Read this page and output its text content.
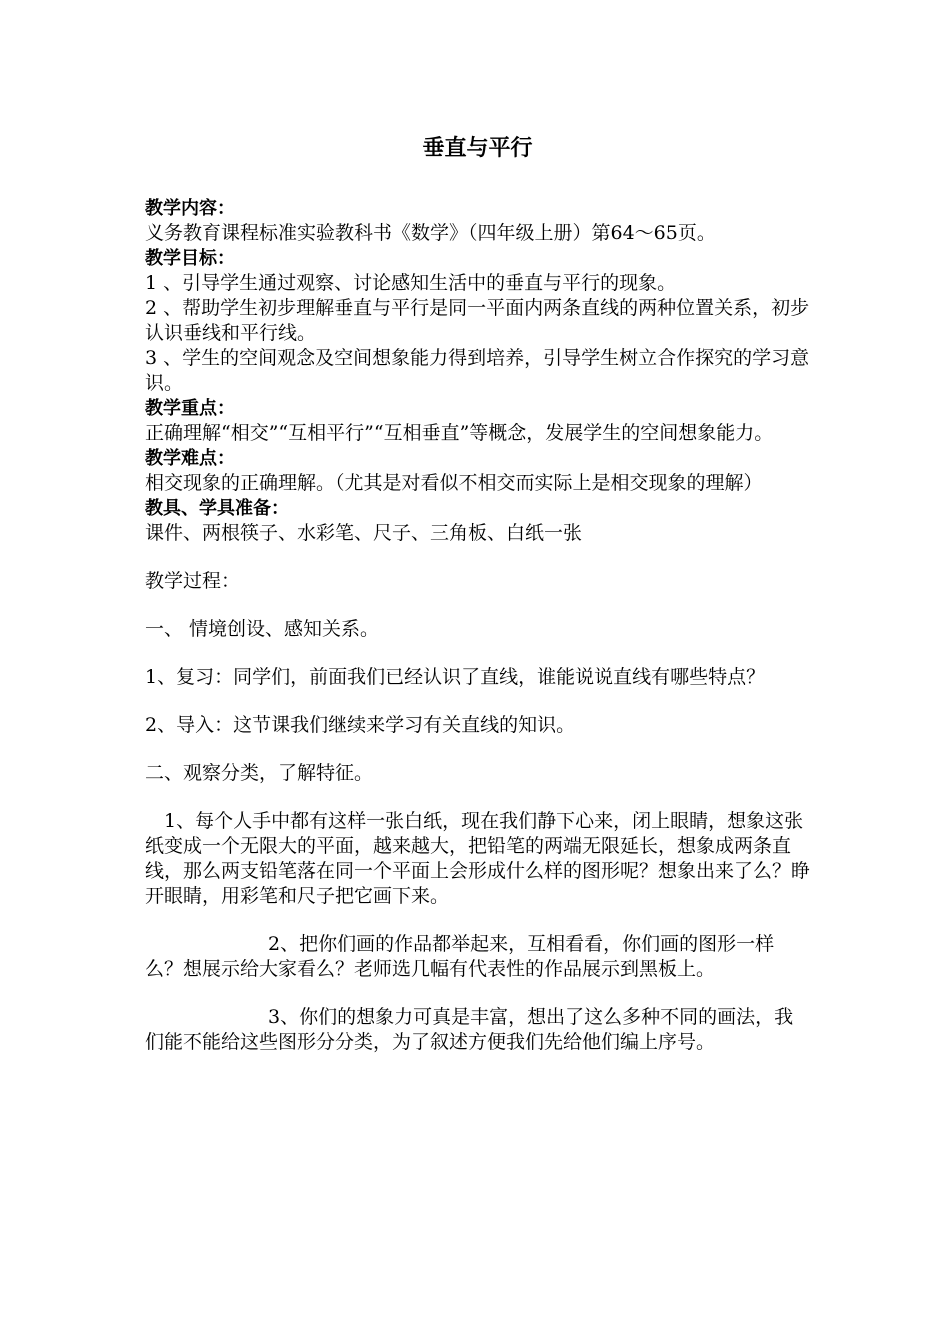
垂直与平行

教学内容：

义务教育课程标准实验教科书《数学》（四年级上册）第64～65页。

教学目标：

1 、引导学生通过观察、讨论感知生活中的垂直与平行的现象。

2 、帮助学生初步理解垂直与平行是同一平面内两条直线的两种位置关系，初步认识垂线和平行线。

3 、学生的空间观念及空间想象能力得到培养，引导学生树立合作探究的学习意识。

教学重点：

正确理解“相交”“互相平行”“互相垂直”等概念，发展学生的空间想象能力。

教学难点：

相交现象的正确理解。（尤其是对看似不相交而实际上是相交现象的理解）

教具、学具准备：

课件、两根筷子、水彩笔、尺子、三角板、白纸一张

教学过程：

一、 情境创设、感知关系。

1、复习：同学们，前面我们已经认识了直线，谁能说说直线有哪些特点？

2、导入：这节课我们继续来学习有关直线的知识。

二、观察分类，了解特征。

1、每个人手中都有这样一张白纸，现在我们静下心来，闭上眼睛，想象这张纸变成一个无限大的平面，越来越大，把铅笔的两端无限延长，想象成两条直线，那么两支铅笔落在同一个平面上会形成什么样的图形呢？想象出来了么？睁开眼睛，用彩笔和尺子把它画下来。

2、把你们画的作品都举起来，互相看看，你们画的图形一样么？想展示给大家看么？老师选几幅有代表性的作品展示到黑板上。

3、你们的想象力可真是丰富，想出了这么多种不同的画法，我们能不能给这些图形分分类，为了叙述方便我们先给他们编上序号。
